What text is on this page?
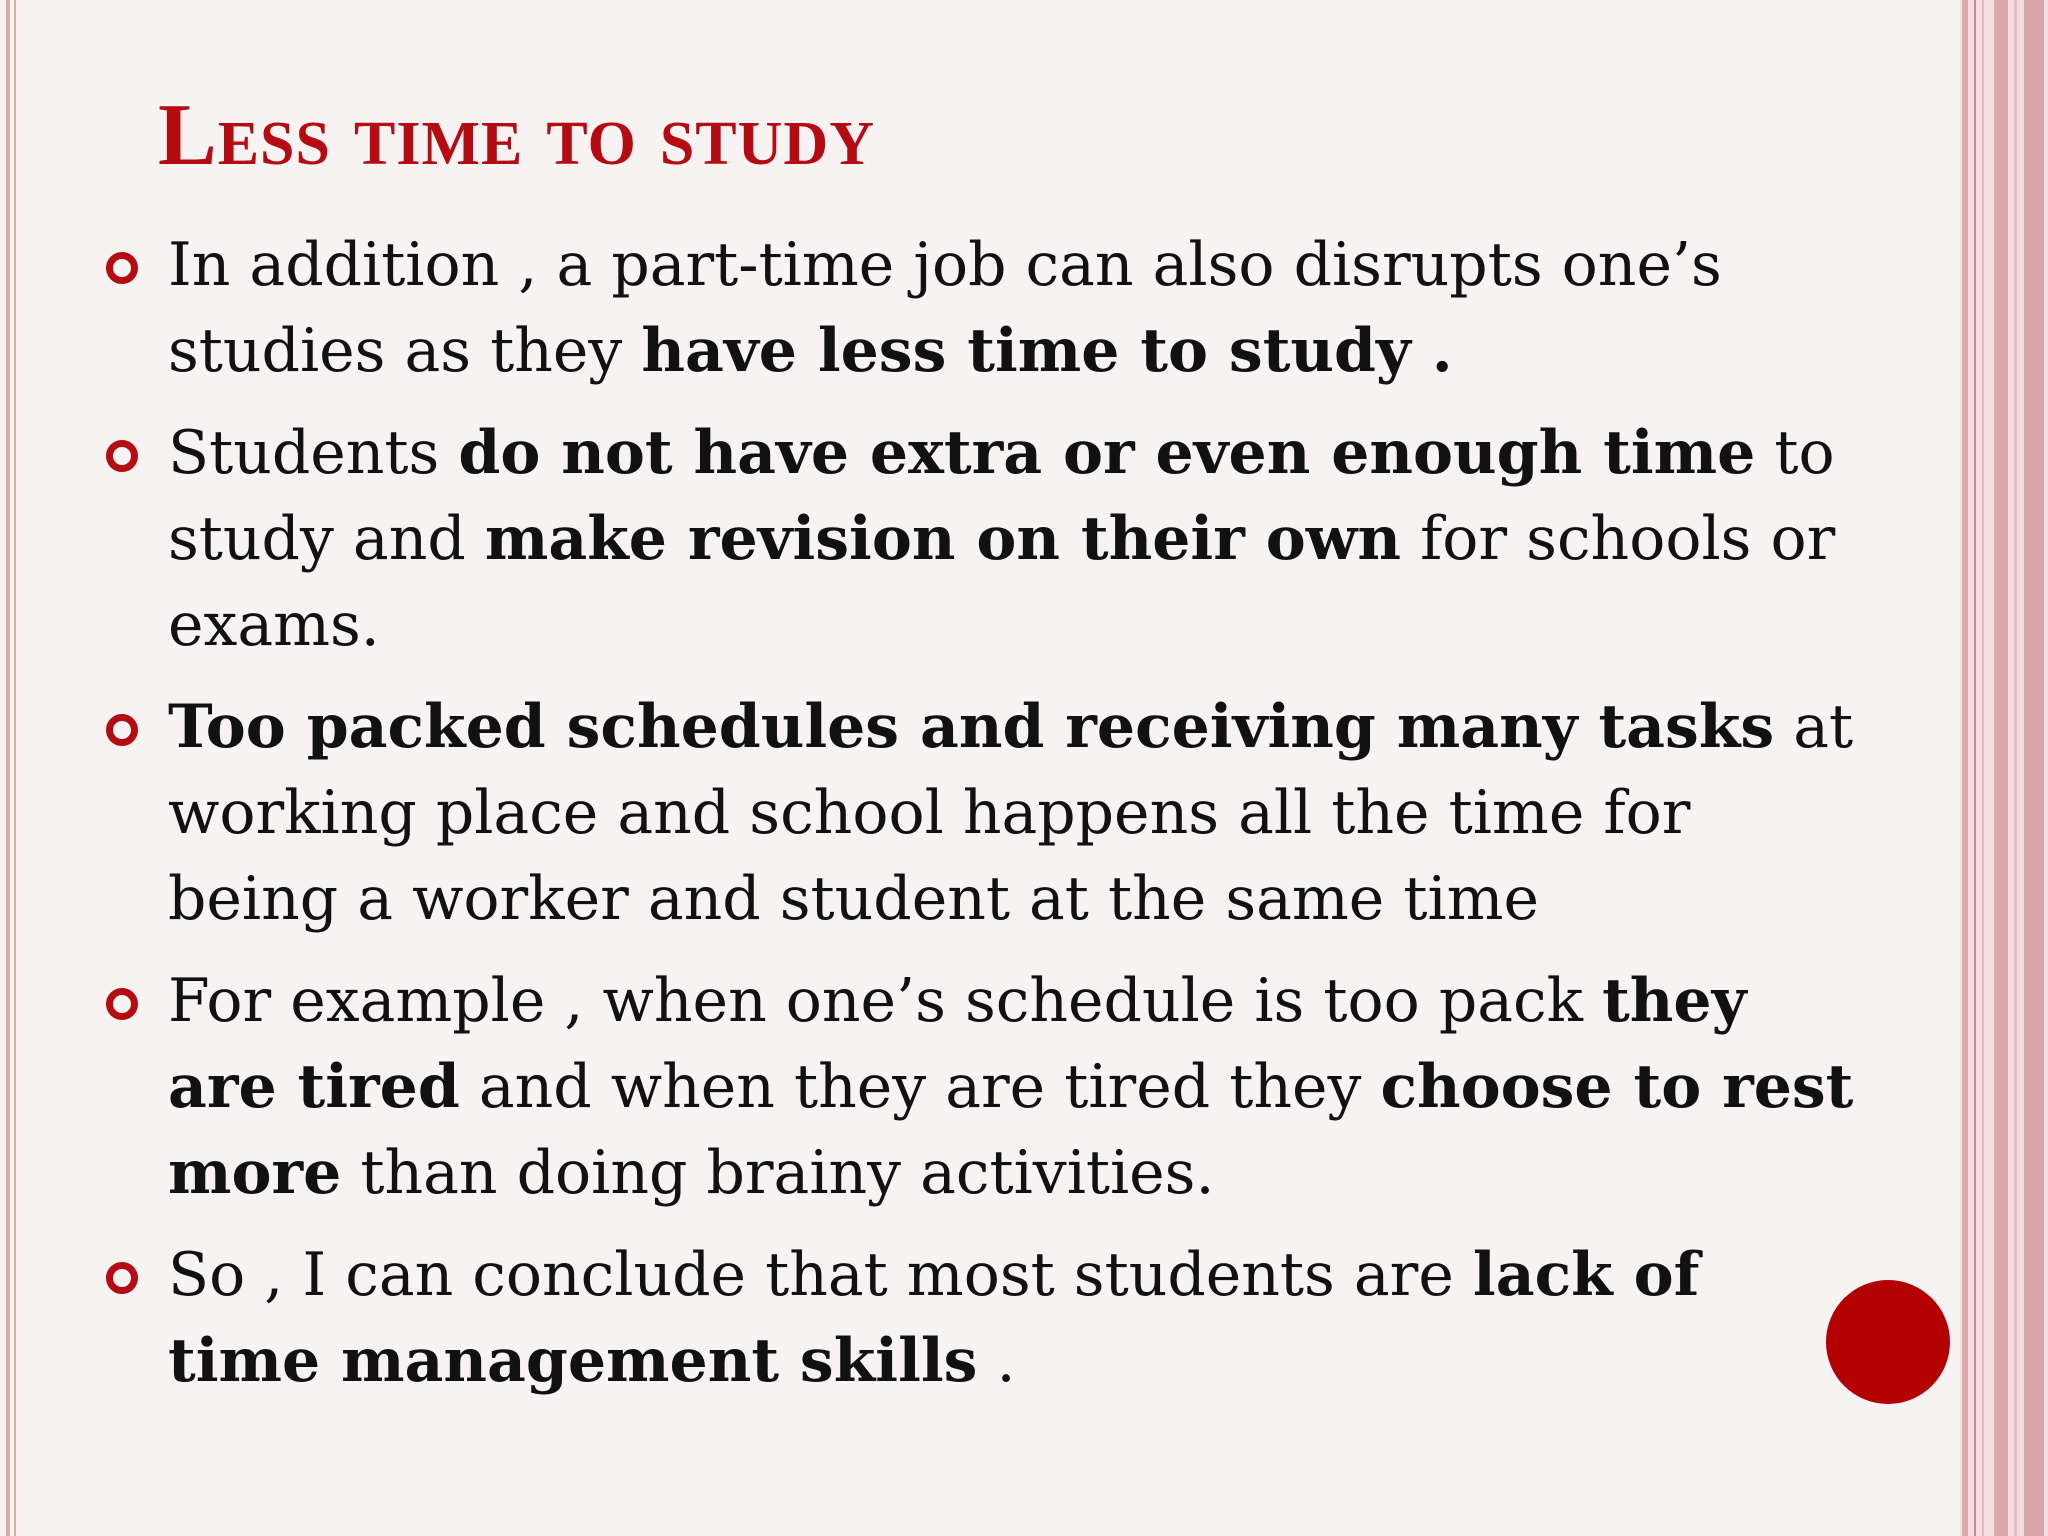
Less time to study
In addition , a part-time job can also disrupts one’s studies as they have less time to study .
Students do not have extra or even enough time to study and make revision on their own for schools or exams.
Too packed schedules and receiving many tasks at working place and school happens all the time for being a worker and student at the same time
For example , when one’s schedule is too pack they are tired and when they are tired they choose to rest more than doing brainy activities.
So , I can conclude that most students are lack of time management skills .
